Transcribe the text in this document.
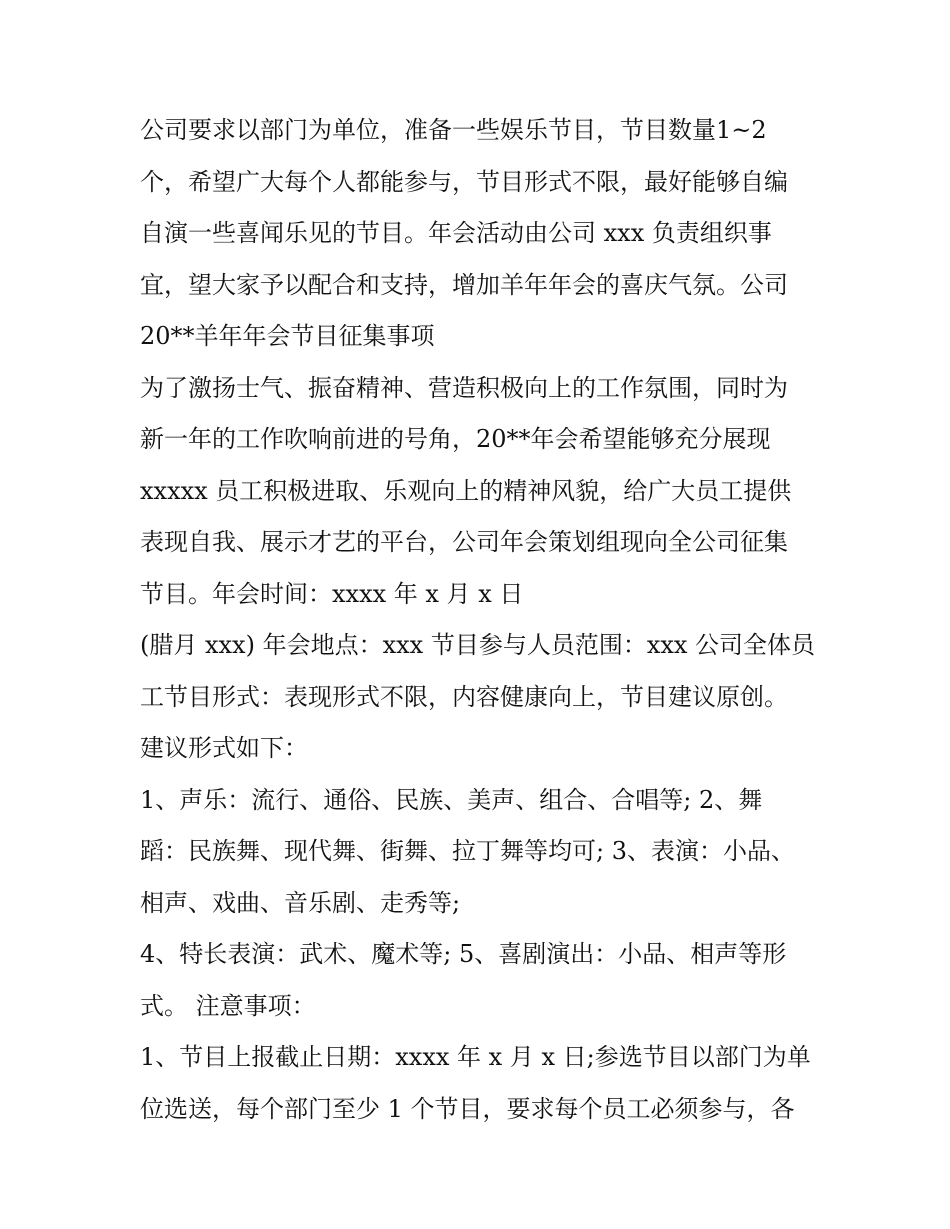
公司要求以部门为单位，准备一些娱乐节目，节目数量1~2
个，希望广大每个人都能参与，节目形式不限，最好能够自编
自演一些喜闻乐见的节目。年会活动由公司 xxx 负责组织事
宜，望大家予以配合和支持，增加羊年年会的喜庆气氛。公司
20**羊年年会节目征集事项
为了激扬士气、振奋精神、营造积极向上的工作氛围，同时为
新一年的工作吹响前进的号角，20**年会希望能够充分展现
xxxxx 员工积极进取、乐观向上的精神风貌，给广大员工提供
表现自我、展示才艺的平台，公司年会策划组现向全公司征集
节目。年会时间：xxxx 年 x 月 x 日
(腊月 xxx) 年会地点：xxx 节目参与人员范围：xxx 公司全体员
工节目形式：表现形式不限，内容健康向上，节目建议原创。
建议形式如下：
1、声乐：流行、通俗、民族、美声、组合、合唱等; 2、舞
蹈：民族舞、现代舞、街舞、拉丁舞等均可; 3、表演：小品、
相声、戏曲、音乐剧、走秀等;
4、特长表演：武术、魔术等; 5、喜剧演出：小品、相声等形
式。 注意事项：
1、节目上报截止日期：xxxx 年 x 月 x 日;参选节目以部门为单
位选送，每个部门至少 1 个节目，要求每个员工必须参与，各
